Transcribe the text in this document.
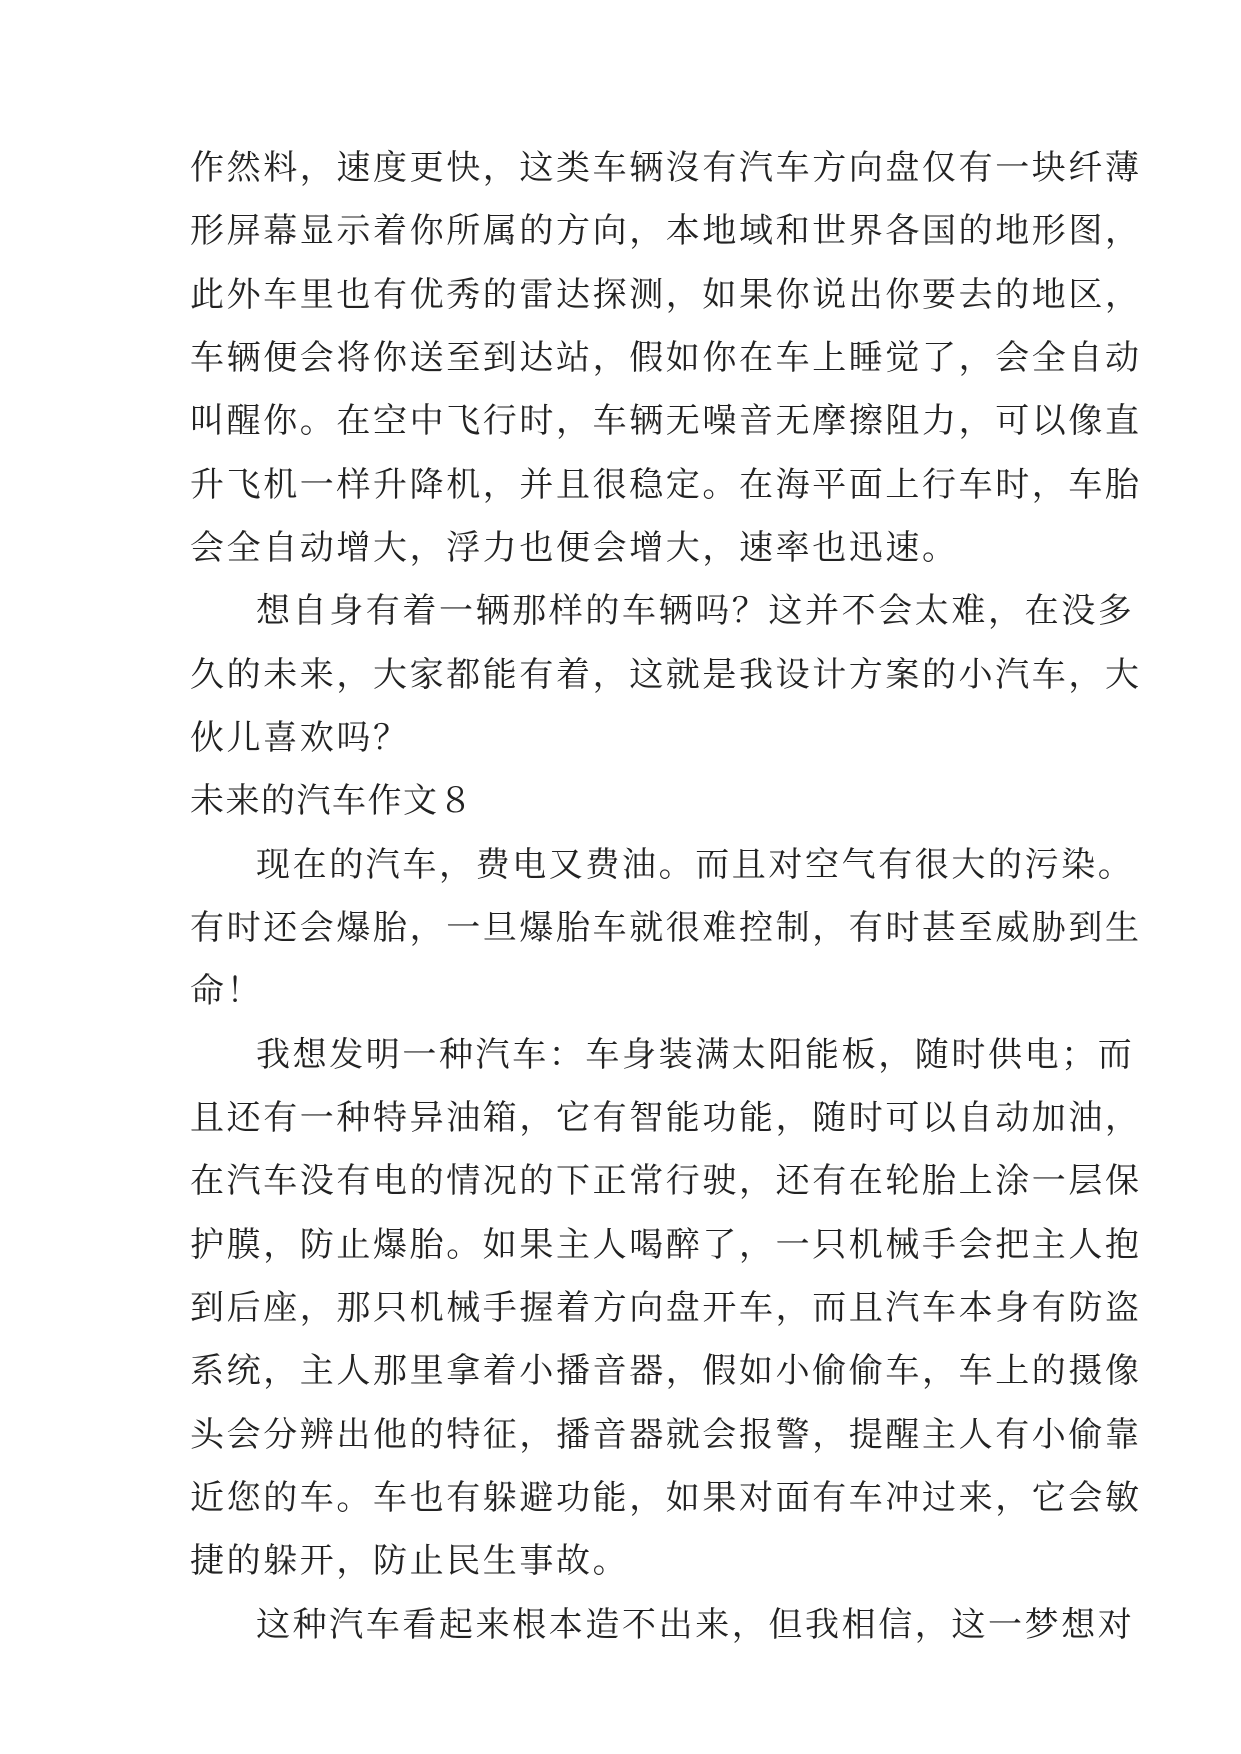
作然料，速度更快，这类车辆沒有汽车方向盘仅有一块纤薄
形屏幕显示着你所属的方向，本地域和世界各国的地形图，
此外车里也有优秀的雷达探测，如果你说出你要去的地区，
车辆便会将你送至到达站，假如你在车上睡觉了，会全自动
叫醒你。在空中飞行时，车辆无噪音无摩擦阻力，可以像直
升飞机一样升降机，并且很稳定。在海平面上行车时，车胎
会全自动增大，浮力也便会增大，速率也迅速。
想自身有着一辆那样的车辆吗？这并不会太难，在没多
久的未来，大家都能有着，这就是我设计方案的小汽车，大
伙儿喜欢吗？
未来的汽车作文８
现在的汽车，费电又费油。而且对空气有很大的污染。
有时还会爆胎，一旦爆胎车就很难控制，有时甚至威胁到生
命！
我想发明一种汽车：车身装满太阳能板，随时供电；而
且还有一种特异油箱，它有智能功能，随时可以自动加油，
在汽车没有电的情况的下正常行驶，还有在轮胎上涂一层保
护膜，防止爆胎。如果主人喝醉了，一只机械手会把主人抱
到后座，那只机械手握着方向盘开车，而且汽车本身有防盗
系统，主人那里拿着小播音器，假如小偷偷车，车上的摄像
头会分辨出他的特征，播音器就会报警，提醒主人有小偷靠
近您的车。车也有躲避功能，如果对面有车冲过来，它会敏
捷的躲开，防止民生事故。
这种汽车看起来根本造不出来，但我相信，这一梦想对
